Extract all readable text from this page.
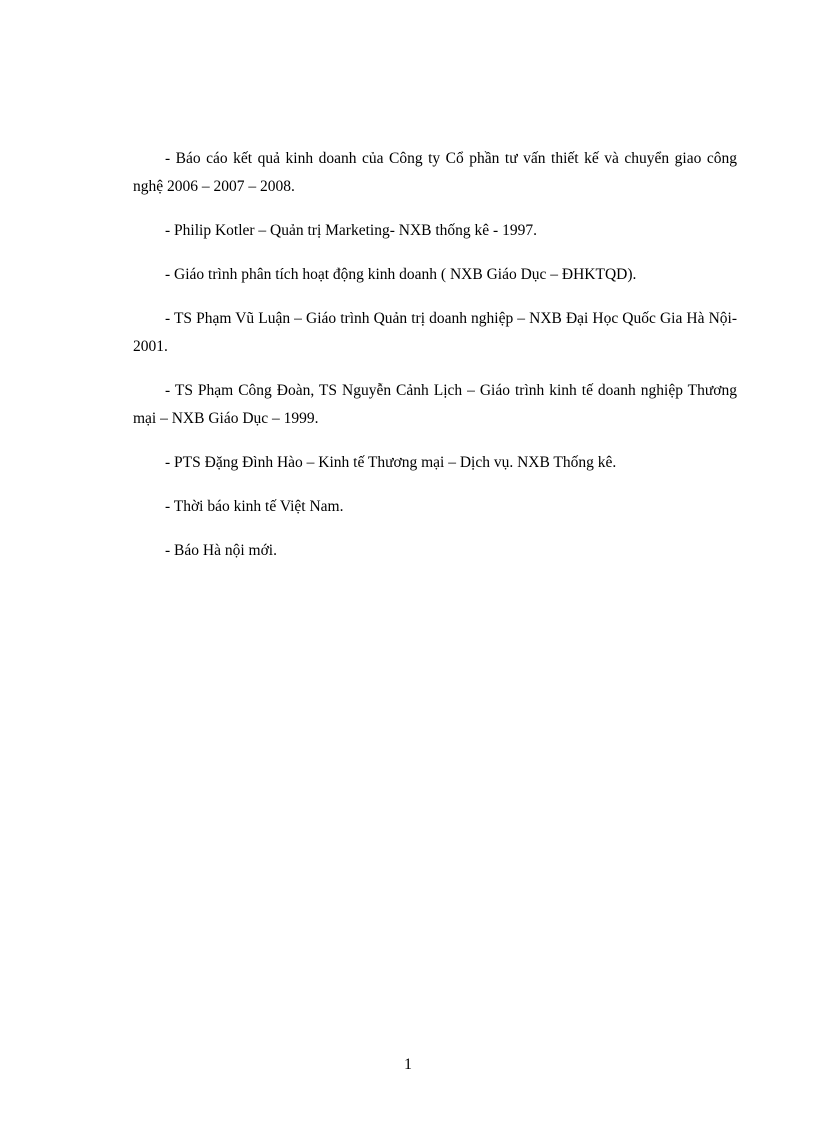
- Báo cáo kết quả kinh doanh của Công ty Cổ phần tư vấn thiết kế và chuyển giao công nghệ 2006 – 2007 – 2008.
- Philip Kotler – Quản trị Marketing- NXB thống kê - 1997.
- Giáo trình phân tích hoạt động kinh doanh ( NXB Giáo Dục – ĐHKTQD).
- TS Phạm Vũ Luận – Giáo trình Quản trị doanh nghiệp – NXB Đại Học Quốc Gia Hà Nội-2001.
- TS Phạm Công Đoàn, TS Nguyễn Cảnh Lịch – Giáo trình kinh tế doanh nghiệp Thương mại – NXB Giáo Dục – 1999.
- PTS Đặng Đình Hào – Kinh tế Thương mại – Dịch vụ. NXB Thống kê.
- Thời báo kinh tế Việt Nam.
- Báo Hà nội mới.
1
